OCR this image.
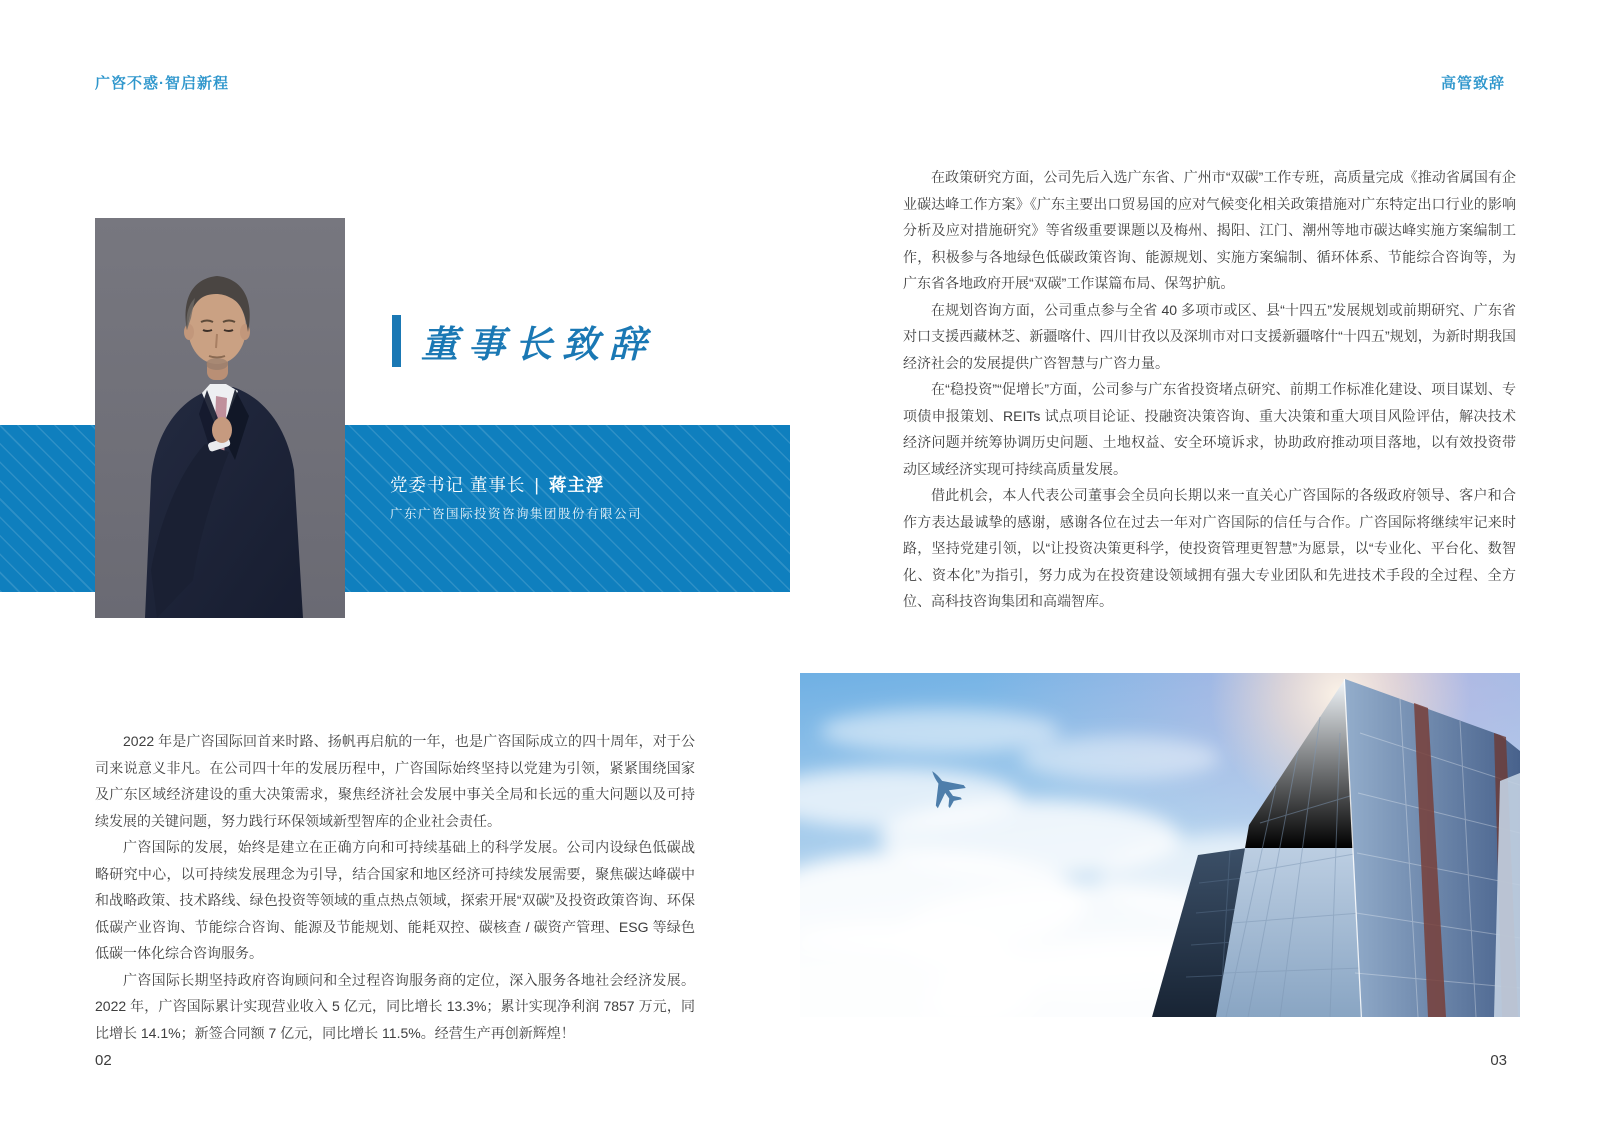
广咨不惑·智启新程
董事长致辞
党委书记 董事长 | 蒋主浮
广东广咨国际投资咨询集团股份有限公司

2022 年是广咨国际回首来时路、扬帆再启航的一年，也是广咨国际成立的四十周年，对于公司来说意义非凡。在公司四十年的发展历程中，广咨国际始终坚持以党建为引领，紧紧围绕国家及广东区域经济建设的重大决策需求，聚焦经济社会发展中事关全局和长远的重大问题以及可持续发展的关键问题，努力践行环保领域新型智库的企业社会责任。

广咨国际的发展，始终是建立在正确方向和可持续基础上的科学发展。公司内设绿色低碳战略研究中心，以可持续发展理念为引导，结合国家和地区经济可持续发展需要，聚焦碳达峰碳中和战略政策、技术路线、绿色投资等领域的重点热点领域，探索开展“双碳”及投资政策咨询、环保低碳产业咨询、节能综合咨询、能源及节能规划、能耗双控、碳核查 / 碳资产管理、ESG 等绿色低碳一体化综合咨询服务。

广咨国际长期坚持政府咨询顾问和全过程咨询服务商的定位，深入服务各地社会经济发展。2022 年，广咨国际累计实现营业收入 5 亿元，同比增长 13.3%；累计实现净利润 7857 万元，同比增长 14.1%；新签合同额 7 亿元，同比增长 11.5%。经营生产再创新辉煌！

02
高管致辞

在政策研究方面，公司先后入选广东省、广州市“双碳”工作专班，高质量完成《推动省属国有企业碳达峰工作方案》《广东主要出口贸易国的应对气候变化相关政策措施对广东特定出口行业的影响分析及应对措施研究》等省级重要课题以及梅州、揭阳、江门、潮州等地市碳达峰实施方案编制工作，积极参与各地绿色低碳政策咨询、能源规划、实施方案编制、循环体系、节能综合咨询等，为广东省各地政府开展“双碳”工作谋篇布局、保驾护航。

在规划咨询方面，公司重点参与全省 40 多项市或区、县“十四五”发展规划或前期研究、广东省对口支援西藏林芝、新疆喀什、四川甘孜以及深圳市对口支援新疆喀什“十四五”规划，为新时期我国经济社会的发展提供广咨智慧与广咨力量。

在“稳投资”“促增长”方面，公司参与广东省投资堵点研究、前期工作标准化建设、项目谋划、专项债申报策划、REITs 试点项目论证、投融资决策咨询、重大决策和重大项目风险评估，解决技术经济问题并统筹协调历史问题、土地权益、安全环境诉求，协助政府推动项目落地，以有效投资带动区域经济实现可持续高质量发展。

借此机会，本人代表公司董事会全员向长期以来一直关心广咨国际的各级政府领导、客户和合作方表达最诚挚的感谢，感谢各位在过去一年对广咨国际的信任与合作。广咨国际将继续牢记来时路，坚持党建引领，以“让投资决策更科学，使投资管理更智慧”为愿景，以“专业化、平台化、数智化、资本化”为指引，努力成为在投资建设领域拥有强大专业团队和先进技术手段的全过程、全方位、高科技咨询集团和高端智库。

03
